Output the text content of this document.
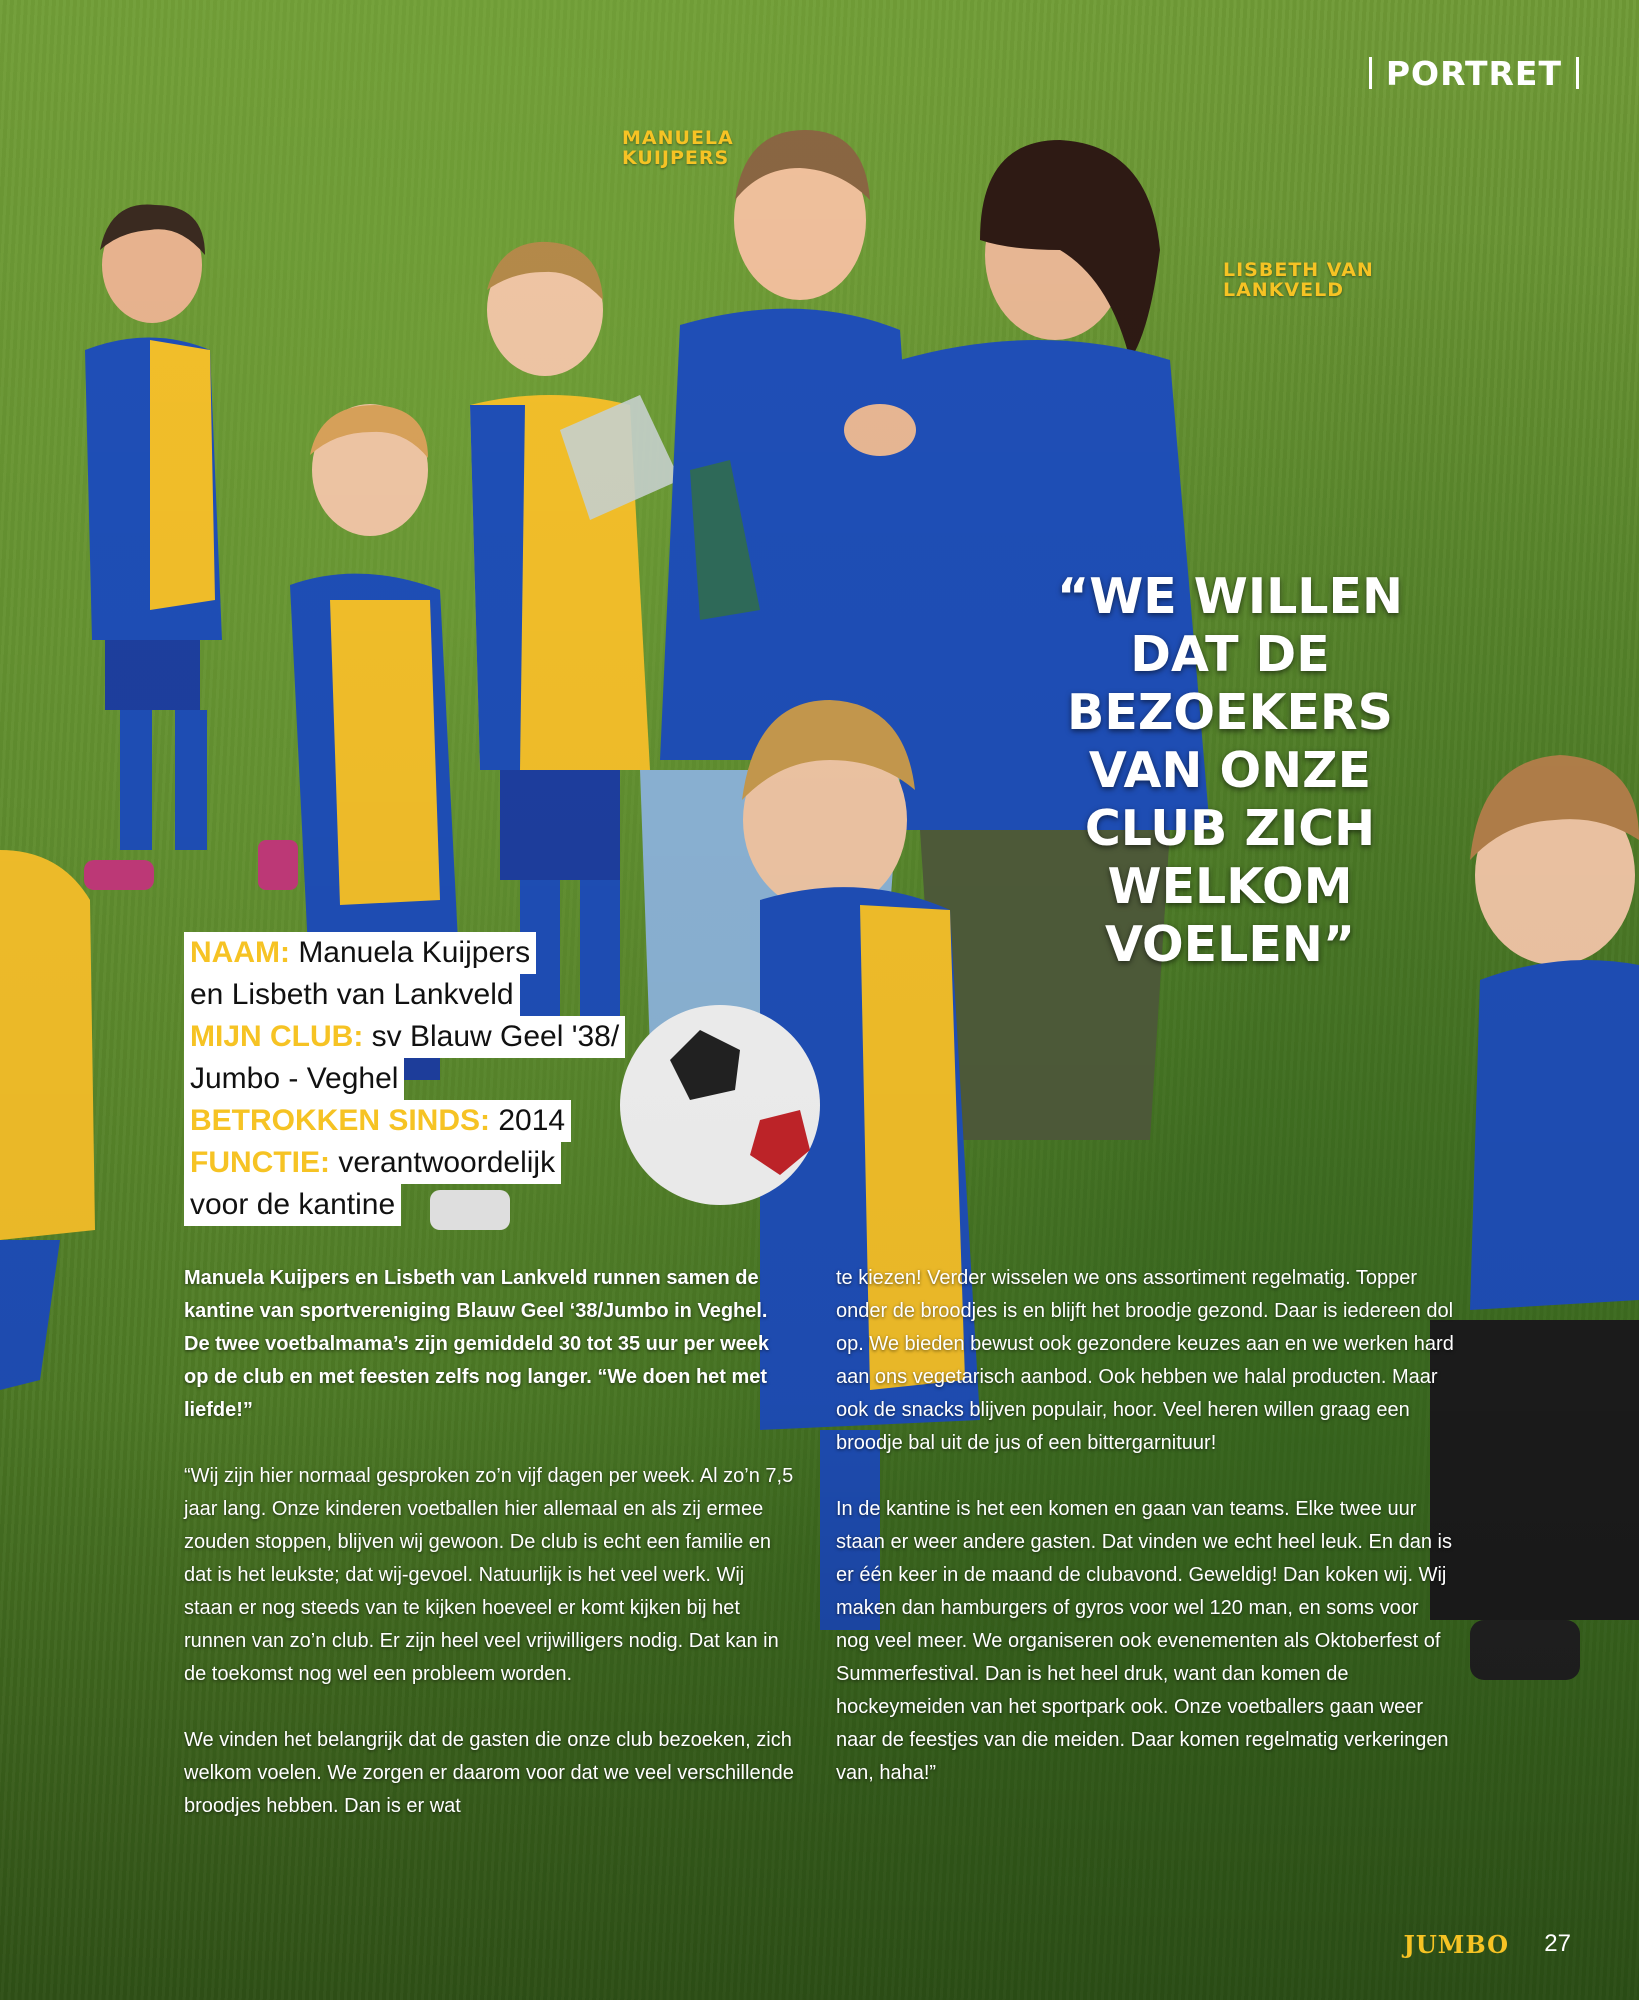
PORTRET
MANUELA
KUIJPERS
LISBETH VAN
LANKVELD
“WE WILLEN DAT DE BEZOEKERS VAN ONZE CLUB ZICH WELKOM VOELEN”
NAAM: Manuela Kuijpers
en Lisbeth van Lankveld
MIJN CLUB: sv Blauw Geel '38/
Jumbo - Veghel
BETROKKEN SINDS: 2014
FUNCTIE: verantwoordelijk
voor de kantine

Manuela Kuijpers en Lisbeth van Lankveld runnen samen de kantine van sportvereniging Blauw Geel ‘38/Jumbo in Veghel. De twee voetbalmama’s zijn gemiddeld 30 tot 35 uur per week op de club en met feesten zelfs nog langer. “We doen het met liefde!”

“Wij zijn hier normaal gesproken zo’n vijf dagen per week. Al zo’n 7,5 jaar lang. Onze kinderen voetballen hier allemaal en als zij ermee zouden stoppen, blijven wij gewoon. De club is echt een familie en dat is het leukste; dat wij-gevoel. Natuurlijk is het veel werk. Wij staan er nog steeds van te kijken hoeveel er komt kijken bij het runnen van zo’n club. Er zijn heel veel vrijwilligers nodig. Dat kan in de toekomst nog wel een probleem worden.

We vinden het belangrijk dat de gasten die onze club bezoeken, zich welkom voelen. We zorgen er daarom voor dat we veel verschillende broodjes hebben. Dan is er wat

te kiezen! Verder wisselen we ons assortiment regelmatig. Topper onder de broodjes is en blijft het broodje gezond. Daar is iedereen dol op. We bieden bewust ook gezondere keuzes aan en we werken hard aan ons vegetarisch aanbod. Ook hebben we halal producten. Maar ook de snacks blijven populair, hoor. Veel heren willen graag een broodje bal uit de jus of een bittergarnituur!

In de kantine is het een komen en gaan van teams. Elke twee uur staan er weer andere gasten. Dat vinden we echt heel leuk. En dan is er één keer in de maand de clubavond. Geweldig! Dan koken wij. Wij maken dan hamburgers of gyros voor wel 120 man, en soms voor nog veel meer. We organiseren ook evenementen als Oktoberfest of Summerfestival. Dan is het heel druk, want dan komen de hockeymeiden van het sportpark ook. Onze voetballers gaan weer naar de feestjes van die meiden. Daar komen regelmatig verkeringen van, haha!”

JUMBO 27
